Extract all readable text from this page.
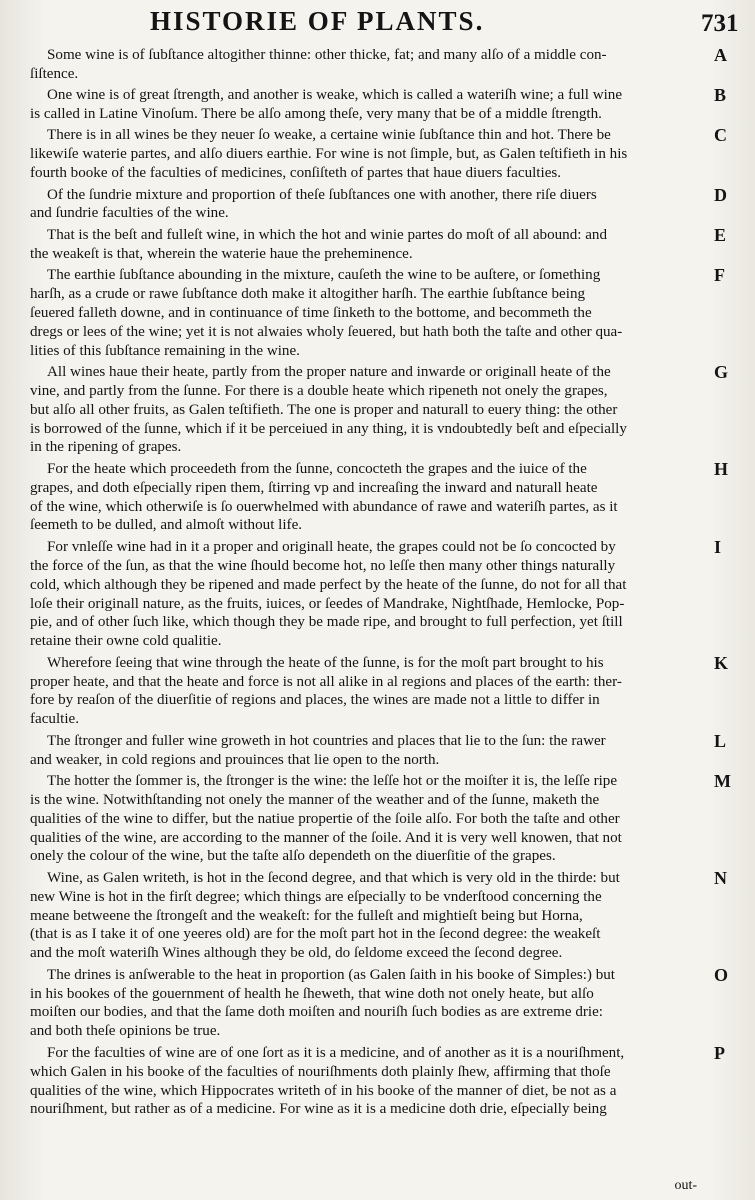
HISTORIE OF PLANTS.	731
A
Some wine is of ſubſtance altogither thinne: other thicke, fat; and many alſo of a middle con-
ſiſtence.
B
One wine is of great ſtrength, and another is weake, which is called a wateriſh wine; a full wine
is called in Latine Vinoſum. There be alſo among theſe, very many that be of a middle ſtrength.
C
There is in all wines be they neuer ſo weake, a certaine winie ſubſtance thin and hot. There be
likewiſe waterie partes, and alſo diuers earthie. For wine is not ſimple, but, as Galen teſtifieth in his
fourth booke of the faculties of medicines, conſiſteth of partes that haue diuers faculties.
D
Of the ſundrie mixture and proportion of theſe ſubſtances one with another, there riſe diuers
and ſundrie faculties of the wine.
E
That is the beſt and fulleſt wine, in which the hot and winie partes do moſt of all abound: and
the weakeſt is that, wherein the waterie haue the preheminence.
F
The earthie ſubſtance abounding in the mixture, cauſeth the wine to be auſtere, or ſomething
harſh, as a crude or rawe ſubſtance doth make it altogither harſh. The earthie ſubſtance being
ſeuered falleth downe, and in continuance of time ſinketh to the bottome, and becommeth the
dregs or lees of the wine; yet it is not alwaies wholy ſeuered, but hath both the taſte and other qua-
lities of this ſubſtance remaining in the wine.
G
All wines haue their heate, partly from the proper nature and inwarde or originall heate of the
vine, and partly from the ſunne. For there is a double heate which ripeneth not onely the grapes,
but alſo all other fruits, as Galen teſtifieth. The one is proper and naturall to euery thing: the other
is borrowed of the ſunne, which if it be perceiued in any thing, it is vndoubtedly beſt and eſpecially
in the ripening of grapes.
H
For the heate which proceedeth from the ſunne, concocteth the grapes and the iuice of the
grapes, and doth eſpecially ripen them, ſtirring vp and increaſing the inward and naturall heate
of the wine, which otherwiſe is ſo ouerwhelmed with abundance of rawe and wateriſh partes, as it
ſeemeth to be dulled, and almoſt without life.
I
For vnleſſe wine had in it a proper and originall heate, the grapes could not be ſo concocted by
the force of the ſun, as that the wine ſhould become hot, no leſſe then many other things naturally
cold, which although they be ripened and made perfect by the heate of the ſunne, do not for all that
loſe their originall nature, as the fruits, iuices, or ſeedes of Mandrake, Nightſhade, Hemlocke, Pop-
pie, and of other ſuch like, which though they be made ripe, and brought to full perfection, yet ſtill
retaine their owne cold qualitie.
K
Wherefore ſeeing that wine through the heate of the ſunne, is for the moſt part brought to his
proper heate, and that the heate and force is not all alike in al regions and places of the earth: ther-
fore by reaſon of the diuerſitie of regions and places, the wines are made not a little to differ in
facultie.
L
The ſtronger and fuller wine groweth in hot countries and places that lie to the ſun: the rawer
and weaker, in cold regions and prouinces that lie open to the north.
M
The hotter the ſommer is, the ſtronger is the wine: the leſſe hot or the moiſter it is, the leſſe ripe
is the wine. Notwithſtanding not onely the manner of the weather and of the ſunne, maketh the
qualities of the wine to differ, but the natiue propertie of the ſoile alſo. For both the taſte and other
qualities of the wine, are according to the manner of the ſoile. And it is very well knowen, that not
onely the colour of the wine, but the taſte alſo dependeth on the diuerſitie of the grapes.
N
Wine, as Galen writeth, is hot in the ſecond degree, and that which is very old in the thirde: but
new Wine is hot in the firſt degree; which things are eſpecially to be vnderſtood concerning the
meane betweene the ſtrongeſt and the weakeſt: for the fulleſt and mightieſt being but Horna,
(that is as I take it of one yeeres old) are for the moſt part hot in the ſecond degree: the weakeſt
and the moſt wateriſh Wines although they be old, do ſeldome exceed the ſecond degree.
O
The drines is anſwerable to the heat in proportion (as Galen ſaith in his booke of Simples:) but
in his bookes of the gouernment of health he ſheweth, that wine doth not onely heate, but alſo
moiſten our bodies, and that the ſame doth moiſten and nouriſh ſuch bodies as are extreme drie:
and both theſe opinions be true.
P
For the faculties of wine are of one ſort as it is a medicine, and of another as it is a nouriſhment,
which Galen in his booke of the faculties of nouriſhments doth plainly ſhew, affirming that thoſe
qualities of the wine, which Hippocrates writeth of in his booke of the manner of diet, be not as a
nouriſhment, but rather as of a medicine. For wine as it is a medicine doth drie, eſpecially being
out-
